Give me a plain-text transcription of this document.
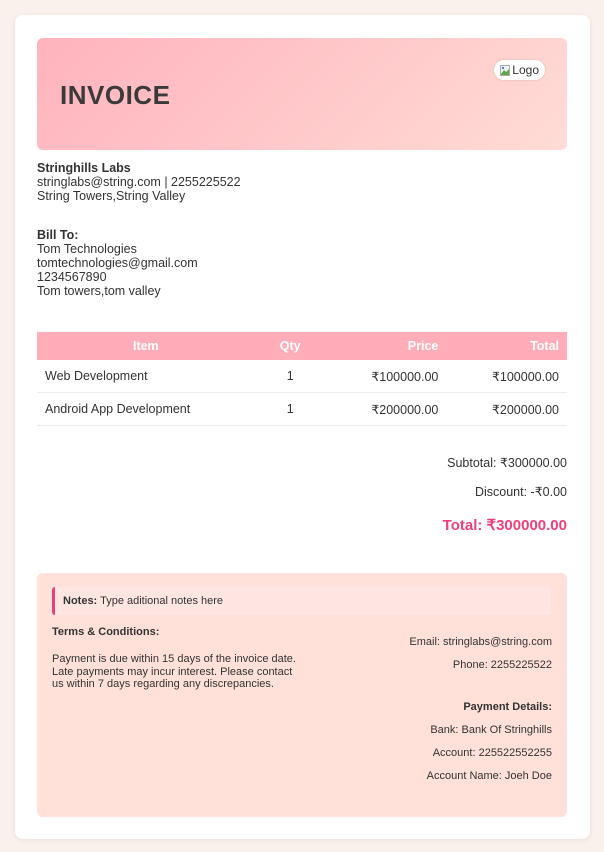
INVOICE
Logo
Stringhills Labs
stringlabs@string.com | 2255225522
String Towers,String Valley
Bill To:
Tom Technologies
tomtechnologies@gmail.com
1234567890
Tom towers,tom valley
Item	Qty	Price	Total
Web Development	1	₹100000.00	₹100000.00
Android App Development	1	₹200000.00	₹200000.00
Subtotal: ₹300000.00
Discount: -₹0.00
Total: ₹300000.00
Notes: Type aditional notes here
Terms & Conditions:
Payment is due within 15 days of the invoice date. Late payments may incur interest. Please contact us within 7 days regarding any discrepancies.
Email: stringlabs@string.com
Phone: 2255225522
Payment Details:
Bank: Bank Of Stringhills
Account: 225522552255
Account Name: Joeh Doe
